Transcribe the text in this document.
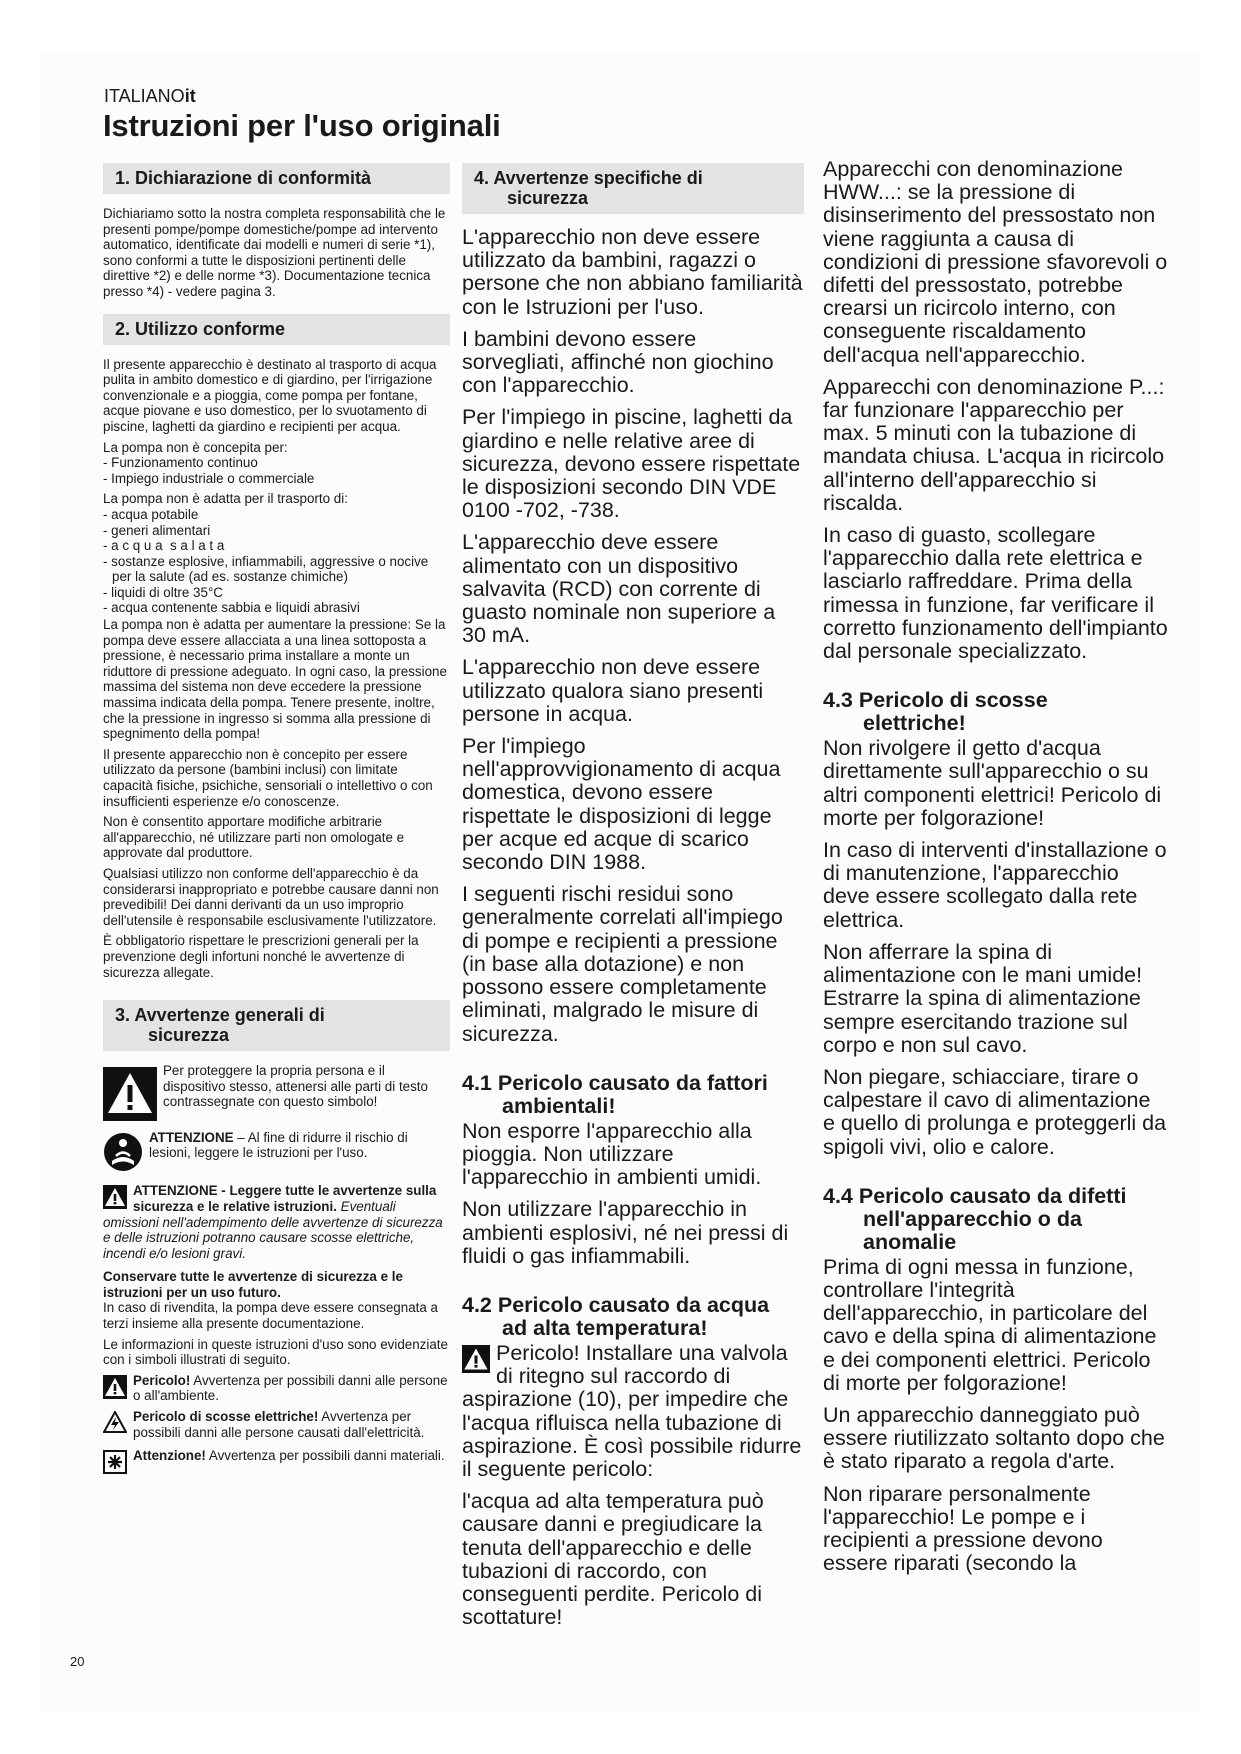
ITALIANOit
Istruzioni per l'uso originali
1. Dichiarazione di conformità

Dichiariamo sotto la nostra completa responsabilità che le presenti pompe/pompe domestiche/pompe ad intervento automatico, identificate dai modelli e numeri di serie *1), sono conformi a tutte le disposizioni pertinenti delle direttive *2) e delle norme *3). Documentazione tecnica presso *4) - vedere pagina 3.

2. Utilizzo conforme

Il presente apparecchio è destinato al trasporto di acqua pulita in ambito domestico e di giardino, per l'irrigazione convenzionale e a pioggia, come pompa per fontane, acque piovane e uso domestico, per lo svuotamento di piscine, laghetti da giardino e recipienti per acqua.

La pompa non è concepita per:

- Funzionamento continuo
- Impiego industriale o commerciale

La pompa non è adatta per il trasporto di:

- acqua potabile
- generi alimentari
- a c q u a  s a l a t a
- sostanze esplosive, infiammabili, aggressive o nocive per la salute (ad es. sostanze chimiche)
- liquidi di oltre 35°C
- acqua contenente sabbia e liquidi abrasivi

La pompa non è adatta per aumentare la pressione: Se la pompa deve essere allacciata a una linea sottoposta a pressione, è necessario prima installare a monte un riduttore di pressione adeguato. In ogni caso, la pressione massima del sistema non deve eccedere la pressione massima indicata della pompa. Tenere presente, inoltre, che la pressione in ingresso si somma alla pressione di spegnimento della pompa!

Il presente apparecchio non è concepito per essere utilizzato da persone (bambini inclusi) con limitate capacità fisiche, psichiche, sensoriali o intellettivo o con insufficienti esperienze e/o conoscenze.

Non è consentito apportare modifiche arbitrarie all'apparecchio, né utilizzare parti non omologate e approvate dal produttore.

Qualsiasi utilizzo non conforme dell'apparecchio è da considerarsi inappropriato e potrebbe causare danni non prevedibili! Dei danni derivanti da un uso improprio dell'utensile è responsabile esclusivamente l'utilizzatore.

È obbligatorio rispettare le prescrizioni generali per la prevenzione degli infortuni nonché le avvertenze di sicurezza allegate.

3. Avvertenze generali di
sicurezza
Per proteggere la propria persona e il dispositivo stesso, attenersi alle parti di testo contrassegnate con questo simbolo!
ATTENZIONE – Al fine di ridurre il rischio di lesioni, leggere le istruzioni per l'uso.
ATTENZIONE - Leggere tutte le avvertenze sulla sicurezza e le relative istruzioni. Eventuali omissioni nell'adempimento delle avvertenze di sicurezza e delle istruzioni potranno causare scosse elettriche, incendi e/o lesioni gravi.

Conservare tutte le avvertenze di sicurezza e le istruzioni per un uso futuro.

In caso di rivendita, la pompa deve essere consegnata a terzi insieme alla presente documentazione.

Le informazioni in queste istruzioni d'uso sono evidenziate con i simboli illustrati di seguito.

Pericolo! Avvertenza per possibili danni alle persone o all'ambiente.
Pericolo di scosse elettriche! Avvertenza per possibili danni alle persone causati dall'elettricità.
Attenzione! Avvertenza per possibili danni materiali.
4. Avvertenze specifiche di
sicurezza

L'apparecchio non deve essere utilizzato da bambini, ragazzi o persone che non abbiano familiarità con le Istruzioni per l'uso.

I bambini devono essere sorvegliati, affinché non giochino con l'apparecchio.

Per l'impiego in piscine, laghetti da giardino e nelle relative aree di sicurezza, devono essere rispettate le disposizioni secondo DIN VDE 0100 -702, -738.

L'apparecchio deve essere alimentato con un dispositivo salvavita (RCD) con corrente di guasto nominale non superiore a 30 mA.

L'apparecchio non deve essere utilizzato qualora siano presenti persone in acqua.

Per l'impiego nell'approvvigionamento di acqua domestica, devono essere rispettate le disposizioni di legge per acque ed acque di scarico secondo DIN 1988.

I seguenti rischi residui sono generalmente correlati all'impiego di pompe e recipienti a pressione (in base alla dotazione) e non possono essere completamente eliminati, malgrado le misure di sicurezza.

4.1 Pericolo causato da fattori
ambientali!

Non esporre l'apparecchio alla pioggia. Non utilizzare l'apparecchio in ambienti umidi.

Non utilizzare l'apparecchio in ambienti esplosivi, né nei pressi di fluidi o gas infiammabili.

4.2 Pericolo causato da acqua
ad alta temperatura!

Pericolo! Installare una valvola di ritegno sul raccordo di aspirazione (10), per impedire che l'acqua rifluisca nella tubazione di aspirazione. È così possibile ridurre il seguente pericolo:

l'acqua ad alta temperatura può causare danni e pregiudicare la tenuta dell'apparecchio e delle tubazioni di raccordo, con conseguenti perdite. Pericolo di scottature!

Apparecchi con denominazione HWW...: se la pressione di disinserimento del pressostato non viene raggiunta a causa di condizioni di pressione sfavorevoli o difetti del pressostato, potrebbe crearsi un ricircolo interno, con conseguente riscaldamento dell'acqua nell'apparecchio.

Apparecchi con denominazione P...: far funzionare l'apparecchio per max. 5 minuti con la tubazione di mandata chiusa. L'acqua in ricircolo all'interno dell'apparecchio si riscalda.

In caso di guasto, scollegare l'apparecchio dalla rete elettrica e lasciarlo raffreddare. Prima della rimessa in funzione, far verificare il corretto funzionamento dell'impianto dal personale specializzato.

4.3 Pericolo di scosse
elettriche!

Non rivolgere il getto d'acqua direttamente sull'apparecchio o su altri componenti elettrici! Pericolo di morte per folgorazione!

In caso di interventi d'installazione o di manutenzione, l'apparecchio deve essere scollegato dalla rete elettrica.

Non afferrare la spina di alimentazione con le mani umide! Estrarre la spina di alimentazione sempre esercitando trazione sul corpo e non sul cavo.

Non piegare, schiacciare, tirare o calpestare il cavo di alimentazione e quello di prolunga e proteggerli da spigoli vivi, olio e calore.

4.4 Pericolo causato da difetti
nell'apparecchio o da
anomalie

Prima di ogni messa in funzione, controllare l'integrità dell'apparecchio, in particolare del cavo e della spina di alimentazione e dei componenti elettrici. Pericolo di morte per folgorazione!

Un apparecchio danneggiato può essere riutilizzato soltanto dopo che è stato riparato a regola d'arte.

Non riparare personalmente l'apparecchio! Le pompe e i recipienti a pressione devono essere riparati (secondo la

20
